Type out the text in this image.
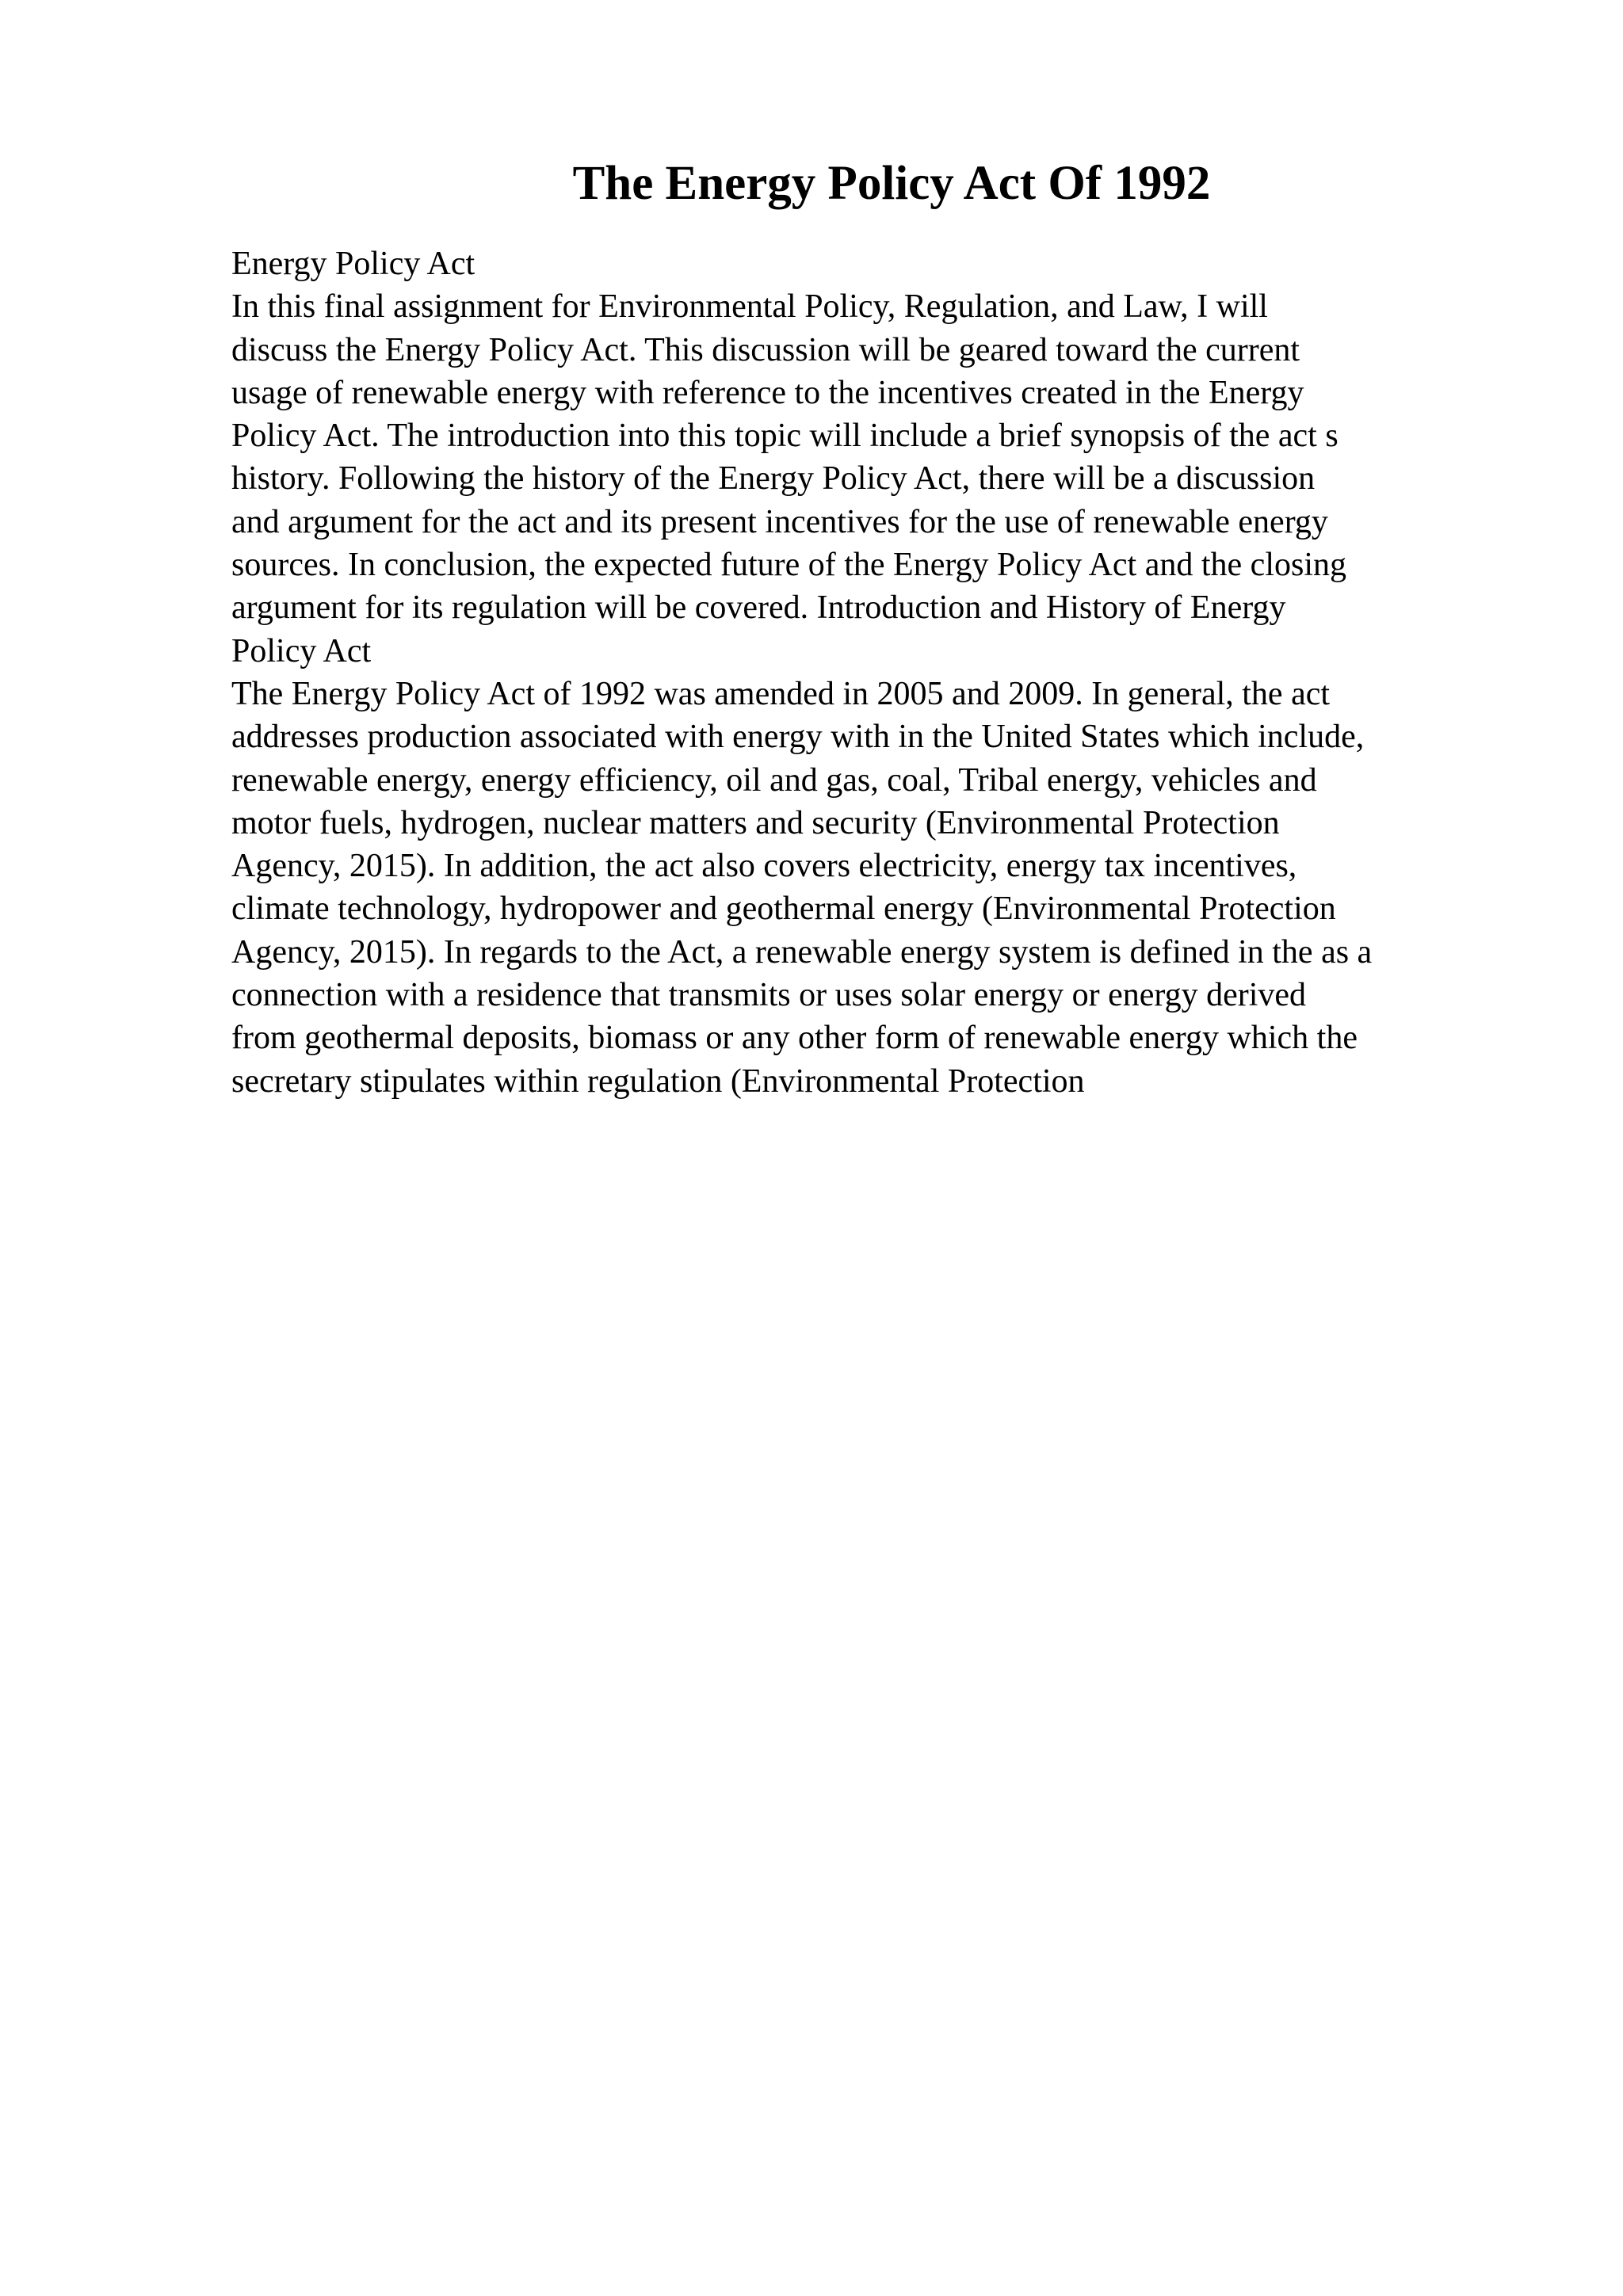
The Energy Policy Act Of 1992
Energy Policy Act
In this final assignment for Environmental Policy, Regulation, and Law, I will
discuss the Energy Policy Act. This discussion will be geared toward the current
usage of renewable energy with reference to the incentives created in the Energy
Policy Act. The introduction into this topic will include a brief synopsis of the act s
history. Following the history of the Energy Policy Act, there will be a discussion
and argument for the act and its present incentives for the use of renewable energy
sources. In conclusion, the expected future of the Energy Policy Act and the closing
argument for its regulation will be covered. Introduction and History of Energy
Policy Act
The Energy Policy Act of 1992 was amended in 2005 and 2009. In general, the act
addresses production associated with energy with in the United States which include,
renewable energy, energy efficiency, oil and gas, coal, Tribal energy, vehicles and
motor fuels, hydrogen, nuclear matters and security (Environmental Protection
Agency, 2015). In addition, the act also covers electricity, energy tax incentives,
climate technology, hydropower and geothermal energy (Environmental Protection
Agency, 2015). In regards to the Act, a renewable energy system is defined in the as a
connection with a residence that transmits or uses solar energy or energy derived
from geothermal deposits, biomass or any other form of renewable energy which the
secretary stipulates within regulation (Environmental Protection
